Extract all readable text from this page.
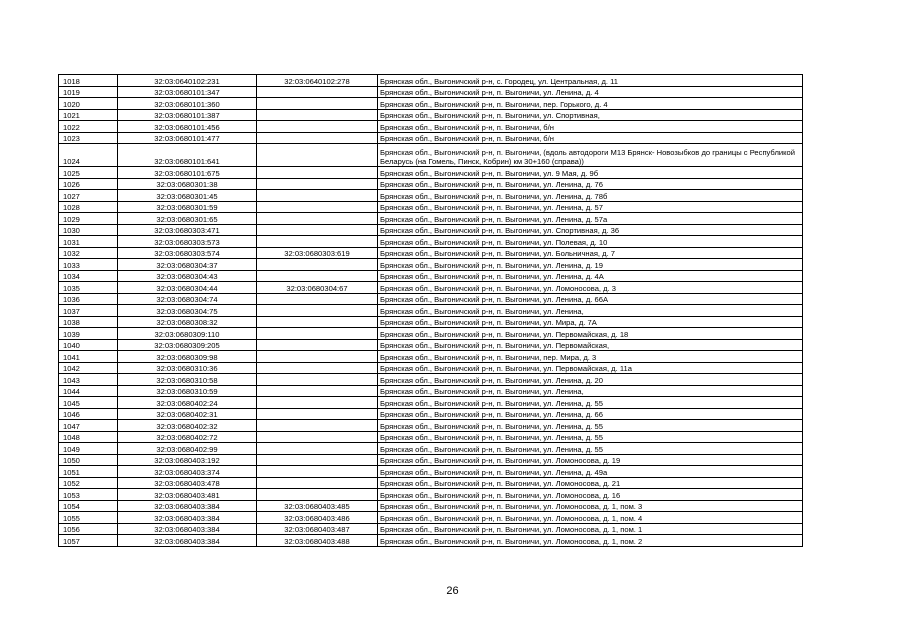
1018	32:03:0640102:231	32:03:0640102:278	Брянская обл., Выгоничский р-н, с. Городец, ул. Центральная, д. 11
1019	32:03:0680101:347		Брянская обл., Выгоничский р-н, п. Выгоничи, ул. Ленина, д. 4
1020	32:03:0680101:360		Брянская обл., Выгоничский р-н, п. Выгоничи, пер. Горького, д. 4
1021	32:03:0680101:387		Брянская обл., Выгоничский р-н, п. Выгоничи, ул. Спортивная,
1022	32:03:0680101:456		Брянская обл., Выгоничский р-н, п. Выгоничи, б/н
1023	32:03:0680101:477		Брянская обл., Выгоничский р-н, п. Выгоничи, б/н
1024	32:03:0680101:641		Брянская обл., Выгоничский р-н, п. Выгоничи, (вдоль автодороги М13 Брянск- Новозыбков до границы с Республикой Беларусь (на Гомель, Пинск, Кобрин) км 30+160 (справа))
1025	32:03:0680101:675		Брянская обл., Выгоничский р-н, п. Выгоничи, ул. 9 Мая, д. 9б
1026	32:03:0680301:38		Брянская обл., Выгоничский р-н, п. Выгоничи, ул. Ленина, д. 76
1027	32:03:0680301:45		Брянская обл., Выгоничский р-н, п. Выгоничи, ул. Ленина, д. 78б
1028	32:03:0680301:59		Брянская обл., Выгоничский р-н, п. Выгоничи, ул. Ленина, д. 57
1029	32:03:0680301:65		Брянская обл., Выгоничский р-н, п. Выгоничи, ул. Ленина, д. 57а
1030	32:03:0680303:471		Брянская обл., Выгоничский р-н, п. Выгоничи, ул. Спортивная, д. 36
1031	32:03:0680303:573		Брянская обл., Выгоничский р-н, п. Выгоничи, ул. Полевая, д. 10
1032	32:03:0680303:574	32:03:0680303:619	Брянская обл., Выгоничский р-н, п. Выгоничи, ул. Больничная, д. 7
1033	32:03:0680304:37		Брянская обл., Выгоничский р-н, п. Выгоничи, ул. Ленина, д. 19
1034	32:03:0680304:43		Брянская обл., Выгоничский р-н, п. Выгоничи, ул. Ленина, д. 4А
1035	32:03:0680304:44	32:03:0680304:67	Брянская обл., Выгоничский р-н, п. Выгоничи, ул. Ломоносова, д. 3
1036	32:03:0680304:74		Брянская обл., Выгоничский р-н, п. Выгоничи, ул. Ленина, д. 66А
1037	32:03:0680304:75		Брянская обл., Выгоничский р-н, п. Выгоничи, ул. Ленина,
1038	32:03:0680308:32		Брянская обл., Выгоничский р-н, п. Выгоничи, ул. Мира, д. 7А
1039	32:03:0680309:110		Брянская обл., Выгоничский р-н, п. Выгоничи, ул. Первомайская, д. 18
1040	32:03:0680309:205		Брянская обл., Выгоничский р-н, п. Выгоничи, ул. Первомайская,
1041	32:03:0680309:98		Брянская обл., Выгоничский р-н, п. Выгоничи, пер. Мира, д. 3
1042	32:03:0680310:36		Брянская обл., Выгоничский р-н, п. Выгоничи, ул. Первомайская, д. 11а
1043	32:03:0680310:58		Брянская обл., Выгоничский р-н, п. Выгоничи, ул. Ленина, д. 20
1044	32:03:0680310:59		Брянская обл., Выгоничский р-н, п. Выгоничи, ул. Ленина,
1045	32:03:0680402:24		Брянская обл., Выгоничский р-н, п. Выгоничи, ул. Ленина, д. 55
1046	32:03:0680402:31		Брянская обл., Выгоничский р-н, п. Выгоничи, ул. Ленина, д. 66
1047	32:03:0680402:32		Брянская обл., Выгоничский р-н, п. Выгоничи, ул. Ленина, д. 55
1048	32:03:0680402:72		Брянская обл., Выгоничский р-н, п. Выгоничи, ул. Ленина, д. 55
1049	32:03:0680402:99		Брянская обл., Выгоничский р-н, п. Выгоничи, ул. Ленина, д. 55
1050	32:03:0680403:192		Брянская обл., Выгоничский р-н, п. Выгоничи, ул. Ломоносова, д. 19
1051	32:03:0680403:374		Брянская обл., Выгоничский р-н, п. Выгоничи, ул. Ленина, д. 49а
1052	32:03:0680403:478		Брянская обл., Выгоничский р-н, п. Выгоничи, ул. Ломоносова, д. 21
1053	32:03:0680403:481		Брянская обл., Выгоничский р-н, п. Выгоничи, ул. Ломоносова, д. 16
1054	32:03:0680403:384	32:03:0680403:485	Брянская обл., Выгоничский р-н, п. Выгоничи, ул. Ломоносова, д. 1, пом. 3
1055	32:03:0680403:384	32:03:0680403:486	Брянская обл., Выгоничский р-н, п. Выгоничи, ул. Ломоносова, д. 1, пом. 4
1056	32:03:0680403:384	32:03:0680403:487	Брянская обл., Выгоничский р-н, п. Выгоничи, ул. Ломоносова, д. 1, пом. 1
1057	32:03:0680403:384	32:03:0680403:488	Брянская обл., Выгоничский р-н, п. Выгоничи, ул. Ломоносова, д. 1, пом. 2
26
